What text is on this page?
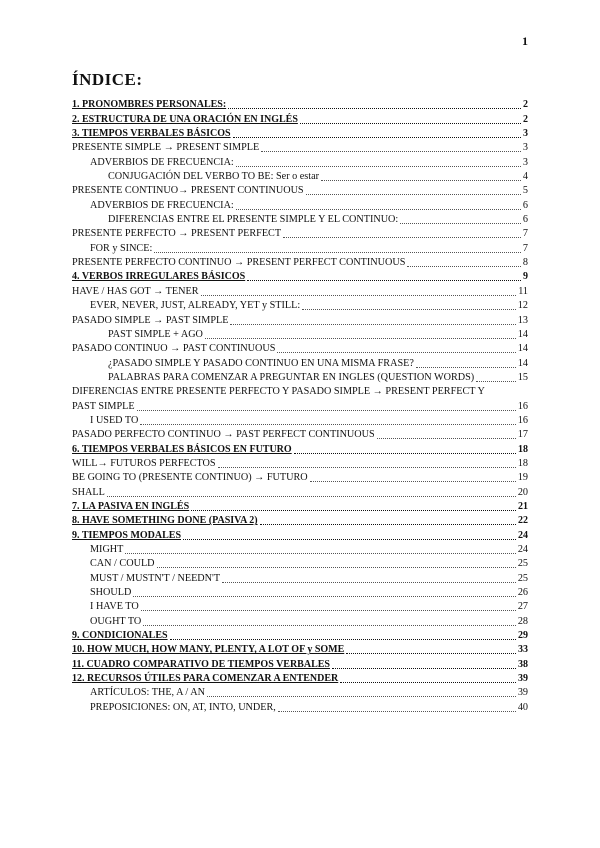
1
ÍNDICE:
1. PRONOMBRES PERSONALES:	2
2. ESTRUCTURA DE UNA ORACIÓN EN INGLÉS	2
3. TIEMPOS VERBALES BÁSICOS	3
PRESENTE SIMPLE → PRESENT SIMPLE	3
ADVERBIOS DE FRECUENCIA:	3
CONJUGACIÓN DEL VERBO TO BE: Ser o estar	4
PRESENTE CONTINUO→ PRESENT CONTINUOUS	5
ADVERBIOS DE FRECUENCIA:	6
DIFERENCIAS ENTRE EL PRESENTE SIMPLE Y EL CONTINUO:	6
PRESENTE PERFECTO → PRESENT PERFECT	7
FOR y SINCE:	7
PRESENTE PERFECTO CONTINUO → PRESENT PERFECT CONTINUOUS	8
4. VERBOS IRREGULARES BÁSICOS	9
HAVE / HAS GOT → TENER	11
EVER, NEVER, JUST, ALREADY, YET y STILL:	12
PASADO SIMPLE → PAST SIMPLE	13
PAST SIMPLE + AGO	14
PASADO CONTINUO → PAST CONTINUOUS	14
¿PASADO SIMPLE Y PASADO CONTINUO EN UNA MISMA FRASE?	14
PALABRAS PARA COMENZAR A PREGUNTAR EN INGLES (QUESTION WORDS)	15
DIFERENCIAS ENTRE PRESENTE PERFECTO Y PASADO SIMPLE → PRESENT PERFECT Y
PAST SIMPLE	16
I USED TO	16
PASADO PERFECTO CONTINUO → PAST PERFECT CONTINUOUS	17
6. TIEMPOS VERBALES BÁSICOS EN FUTURO	18
WILL→ FUTUROS PERFECTOS	18
BE GOING TO (PRESENTE CONTINUO) → FUTURO	19
SHALL	20
7. LA PASIVA EN INGLÉS	21
8. HAVE SOMETHING DONE (PASIVA 2)	22
9. TIEMPOS MODALES	24
MIGHT	24
CAN / COULD	25
MUST / MUSTN'T / NEEDN'T	25
SHOULD	26
I HAVE TO	27
OUGHT TO	28
9. CONDICIONALES	29
10. HOW MUCH, HOW MANY, PLENTY, A LOT OF y SOME	33
11. CUADRO COMPARATIVO DE TIEMPOS VERBALES	38
12. RECURSOS ÚTILES PARA COMENZAR A ENTENDER	39
ARTÍCULOS: THE, A / AN	39
PREPOSICIONES: ON, AT, INTO, UNDER,	40
